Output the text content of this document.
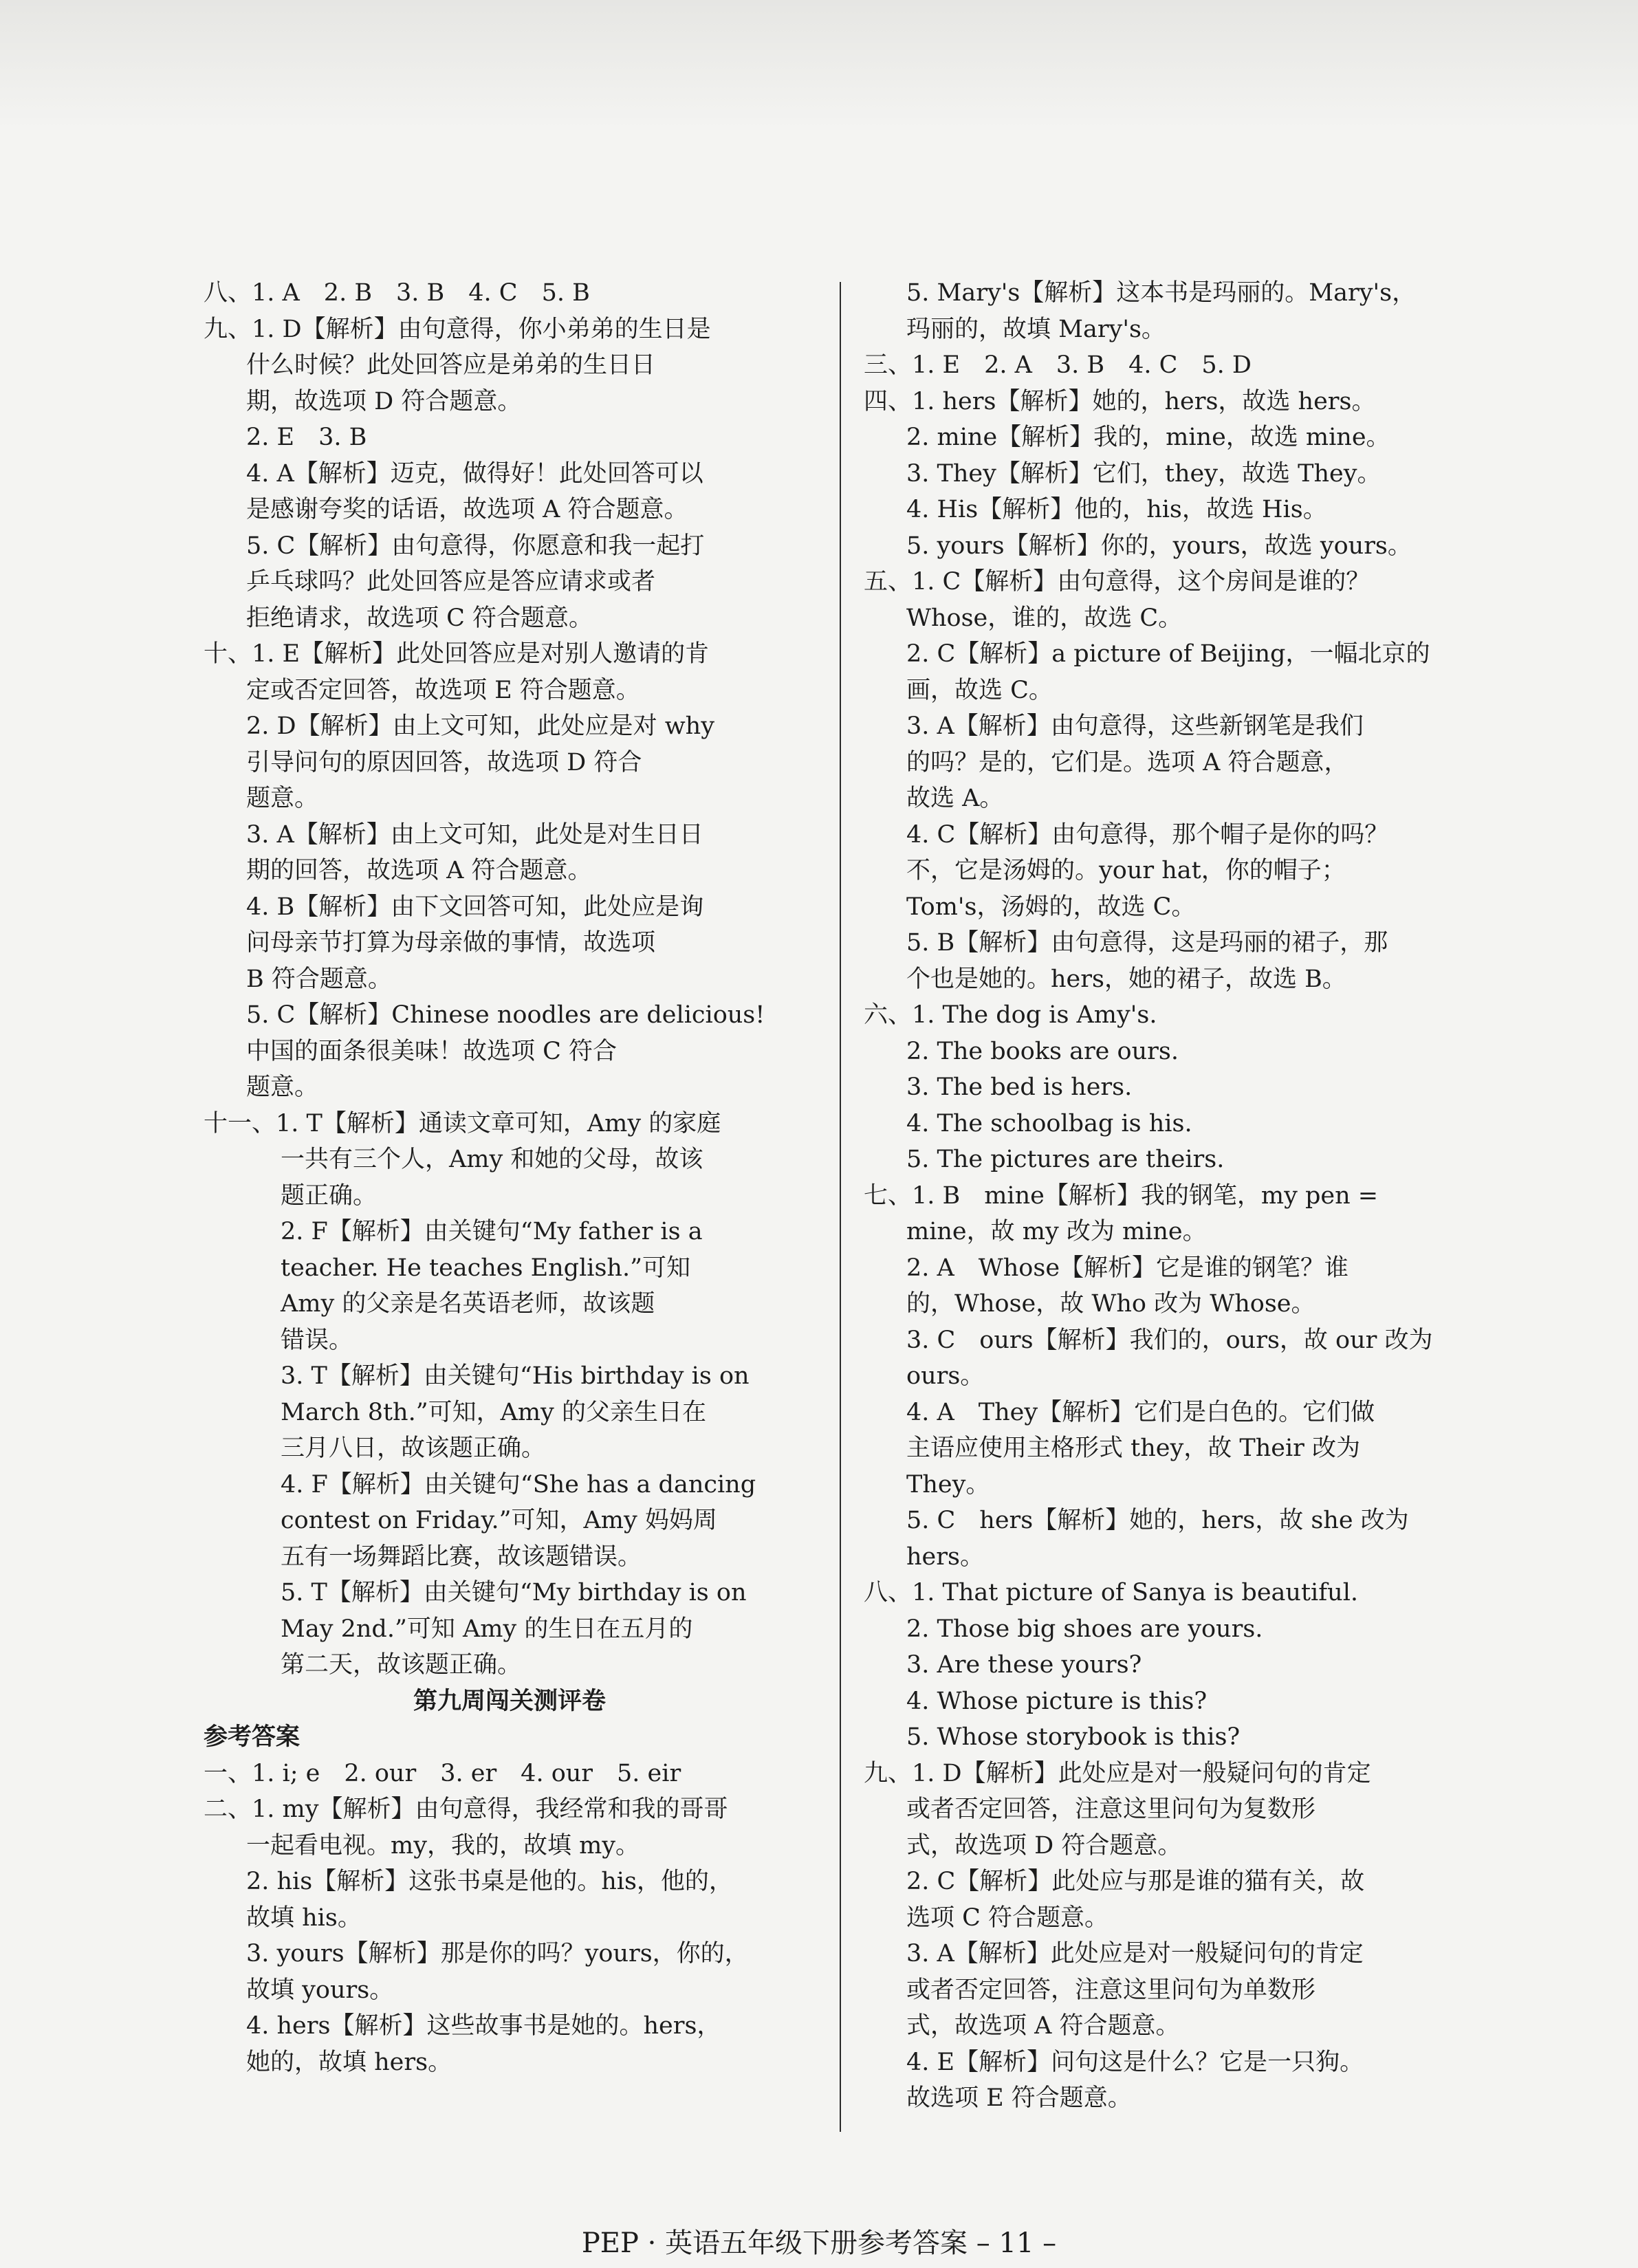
八、1. A　2. B　3. B　4. C　5. B
九、1. D【解析】由句意得，你小弟弟的生日是
什么时候？此处回答应是弟弟的生日日
期，故选项 D 符合题意。
2. E　3. B
4. A【解析】迈克，做得好！此处回答可以
是感谢夸奖的话语，故选项 A 符合题意。
5. C【解析】由句意得，你愿意和我一起打
乒乓球吗？此处回答应是答应请求或者
拒绝请求，故选项 C 符合题意。
十、1. E【解析】此处回答应是对别人邀请的肯
定或否定回答，故选项 E 符合题意。
2. D【解析】由上文可知，此处应是对 why
引导问句的原因回答，故选项 D 符合
题意。
3. A【解析】由上文可知，此处是对生日日
期的回答，故选项 A 符合题意。
4. B【解析】由下文回答可知，此处应是询
问母亲节打算为母亲做的事情，故选项
B 符合题意。
5. C【解析】Chinese noodles are delicious!
中国的面条很美味！故选项 C 符合
题意。
十一、1. T【解析】通读文章可知，Amy 的家庭
一共有三个人，Amy 和她的父母，故该
题正确。
2. F【解析】由关键句“My father is a
teacher. He teaches English.”可知
Amy 的父亲是名英语老师，故该题
错误。
3. T【解析】由关键句“His birthday is on
March 8th.”可知，Amy 的父亲生日在
三月八日，故该题正确。
4. F【解析】由关键句“She has a dancing
contest on Friday.”可知，Amy 妈妈周
五有一场舞蹈比赛，故该题错误。
5. T【解析】由关键句“My birthday is on
May 2nd.”可知 Amy 的生日在五月的
第二天，故该题正确。
第九周闯关测评卷
参考答案
一、1. i; e　2. our　3. er　4. our　5. eir
二、1. my【解析】由句意得，我经常和我的哥哥
一起看电视。my，我的，故填 my。
2. his【解析】这张书桌是他的。his，他的，
故填 his。
3. yours【解析】那是你的吗？yours，你的，
故填 yours。
4. hers【解析】这些故事书是她的。hers，
她的，故填 hers。
5. Mary's【解析】这本书是玛丽的。Mary's，
玛丽的，故填 Mary's。
三、1. E　2. A　3. B　4. C　5. D
四、1. hers【解析】她的，hers，故选 hers。
2. mine【解析】我的，mine，故选 mine。
3. They【解析】它们，they，故选 They。
4. His【解析】他的，his，故选 His。
5. yours【解析】你的，yours，故选 yours。
五、1. C【解析】由句意得，这个房间是谁的？
Whose，谁的，故选 C。
2. C【解析】a picture of Beijing，一幅北京的
画，故选 C。
3. A【解析】由句意得，这些新钢笔是我们
的吗？是的，它们是。选项 A 符合题意，
故选 A。
4. C【解析】由句意得，那个帽子是你的吗？
不，它是汤姆的。your hat，你的帽子；
Tom's，汤姆的，故选 C。
5. B【解析】由句意得，这是玛丽的裙子，那
个也是她的。hers，她的裙子，故选 B。
六、1. The dog is Amy's.
2. The books are ours.
3. The bed is hers.
4. The schoolbag is his.
5. The pictures are theirs.
七、1. B　mine【解析】我的钢笔，my pen =
mine，故 my 改为 mine。
2. A　Whose【解析】它是谁的钢笔？谁
的，Whose，故 Who 改为 Whose。
3. C　ours【解析】我们的，ours，故 our 改为
ours。
4. A　They【解析】它们是白色的。它们做
主语应使用主格形式 they，故 Their 改为
They。
5. C　hers【解析】她的，hers，故 she 改为
hers。
八、1. That picture of Sanya is beautiful.
2. Those big shoes are yours.
3. Are these yours?
4. Whose picture is this?
5. Whose storybook is this?
九、1. D【解析】此处应是对一般疑问句的肯定
或者否定回答，注意这里问句为复数形
式，故选项 D 符合题意。
2. C【解析】此处应与那是谁的猫有关，故
选项 C 符合题意。
3. A【解析】此处应是对一般疑问句的肯定
或者否定回答，注意这里问句为单数形
式，故选项 A 符合题意。
4. E【解析】问句这是什么？它是一只狗。
故选项 E 符合题意。
PEP · 英语五年级下册参考答案 – 11 –
